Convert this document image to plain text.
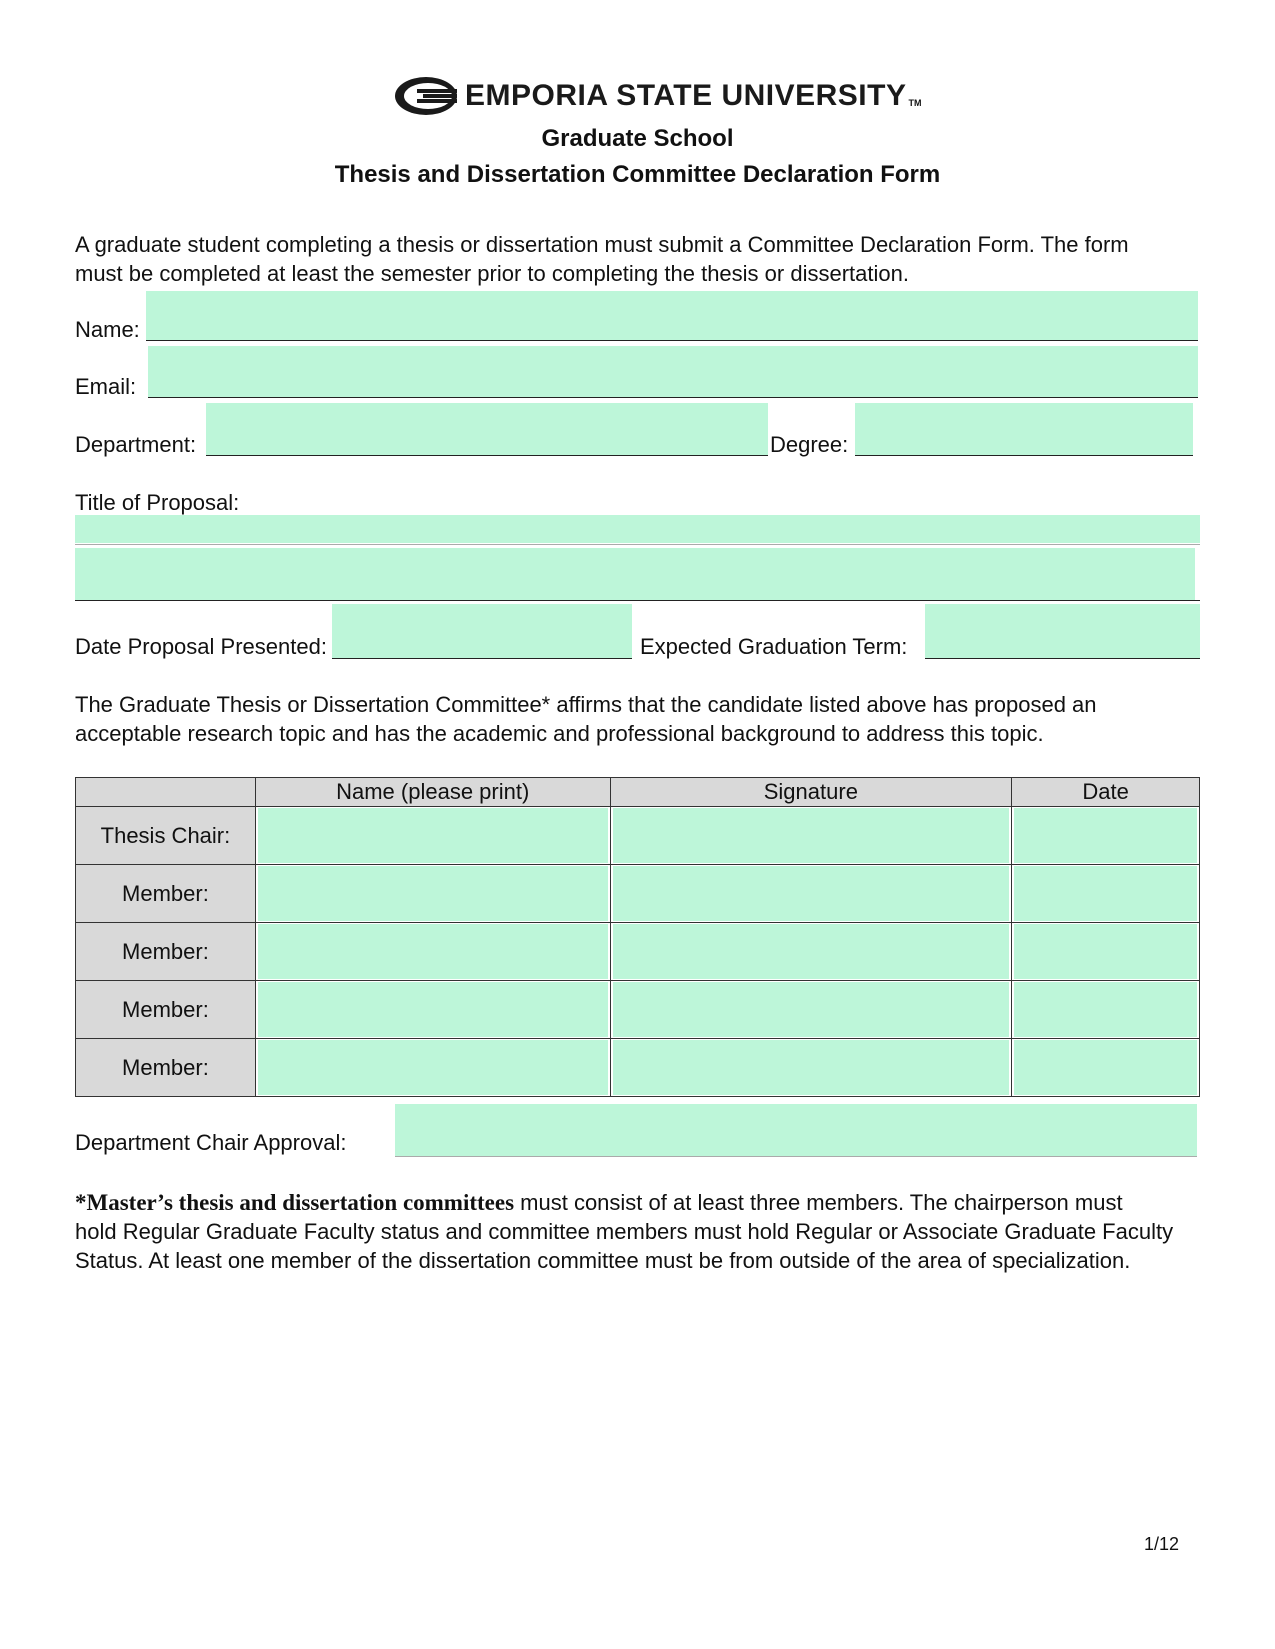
EMPORIA STATE UNIVERSITY TM
Graduate School
Thesis and Dissertation Committee Declaration Form
A graduate student completing a thesis or dissertation must submit a Committee Declaration Form. The form
must be completed at least the semester prior to completing the thesis or dissertation.
Name:
Email:
Department:	Degree:
Title of Proposal:
Date Proposal Presented:	Expected Graduation Term:
The Graduate Thesis or Dissertation Committee* affirms that the candidate listed above has proposed an
acceptable research topic and has the academic and professional background to address this topic.
	Name (please print)	Signature	Date
Thesis Chair:	

Member:	

Member:	

Member:	

Member:	

Department Chair Approval:
*Master’s thesis and dissertation committees must consist of at least three members. The chairperson must
hold Regular Graduate Faculty status and committee members must hold Regular or Associate Graduate Faculty
Status. At least one member of the dissertation committee must be from outside of the area of specialization.
1/12
